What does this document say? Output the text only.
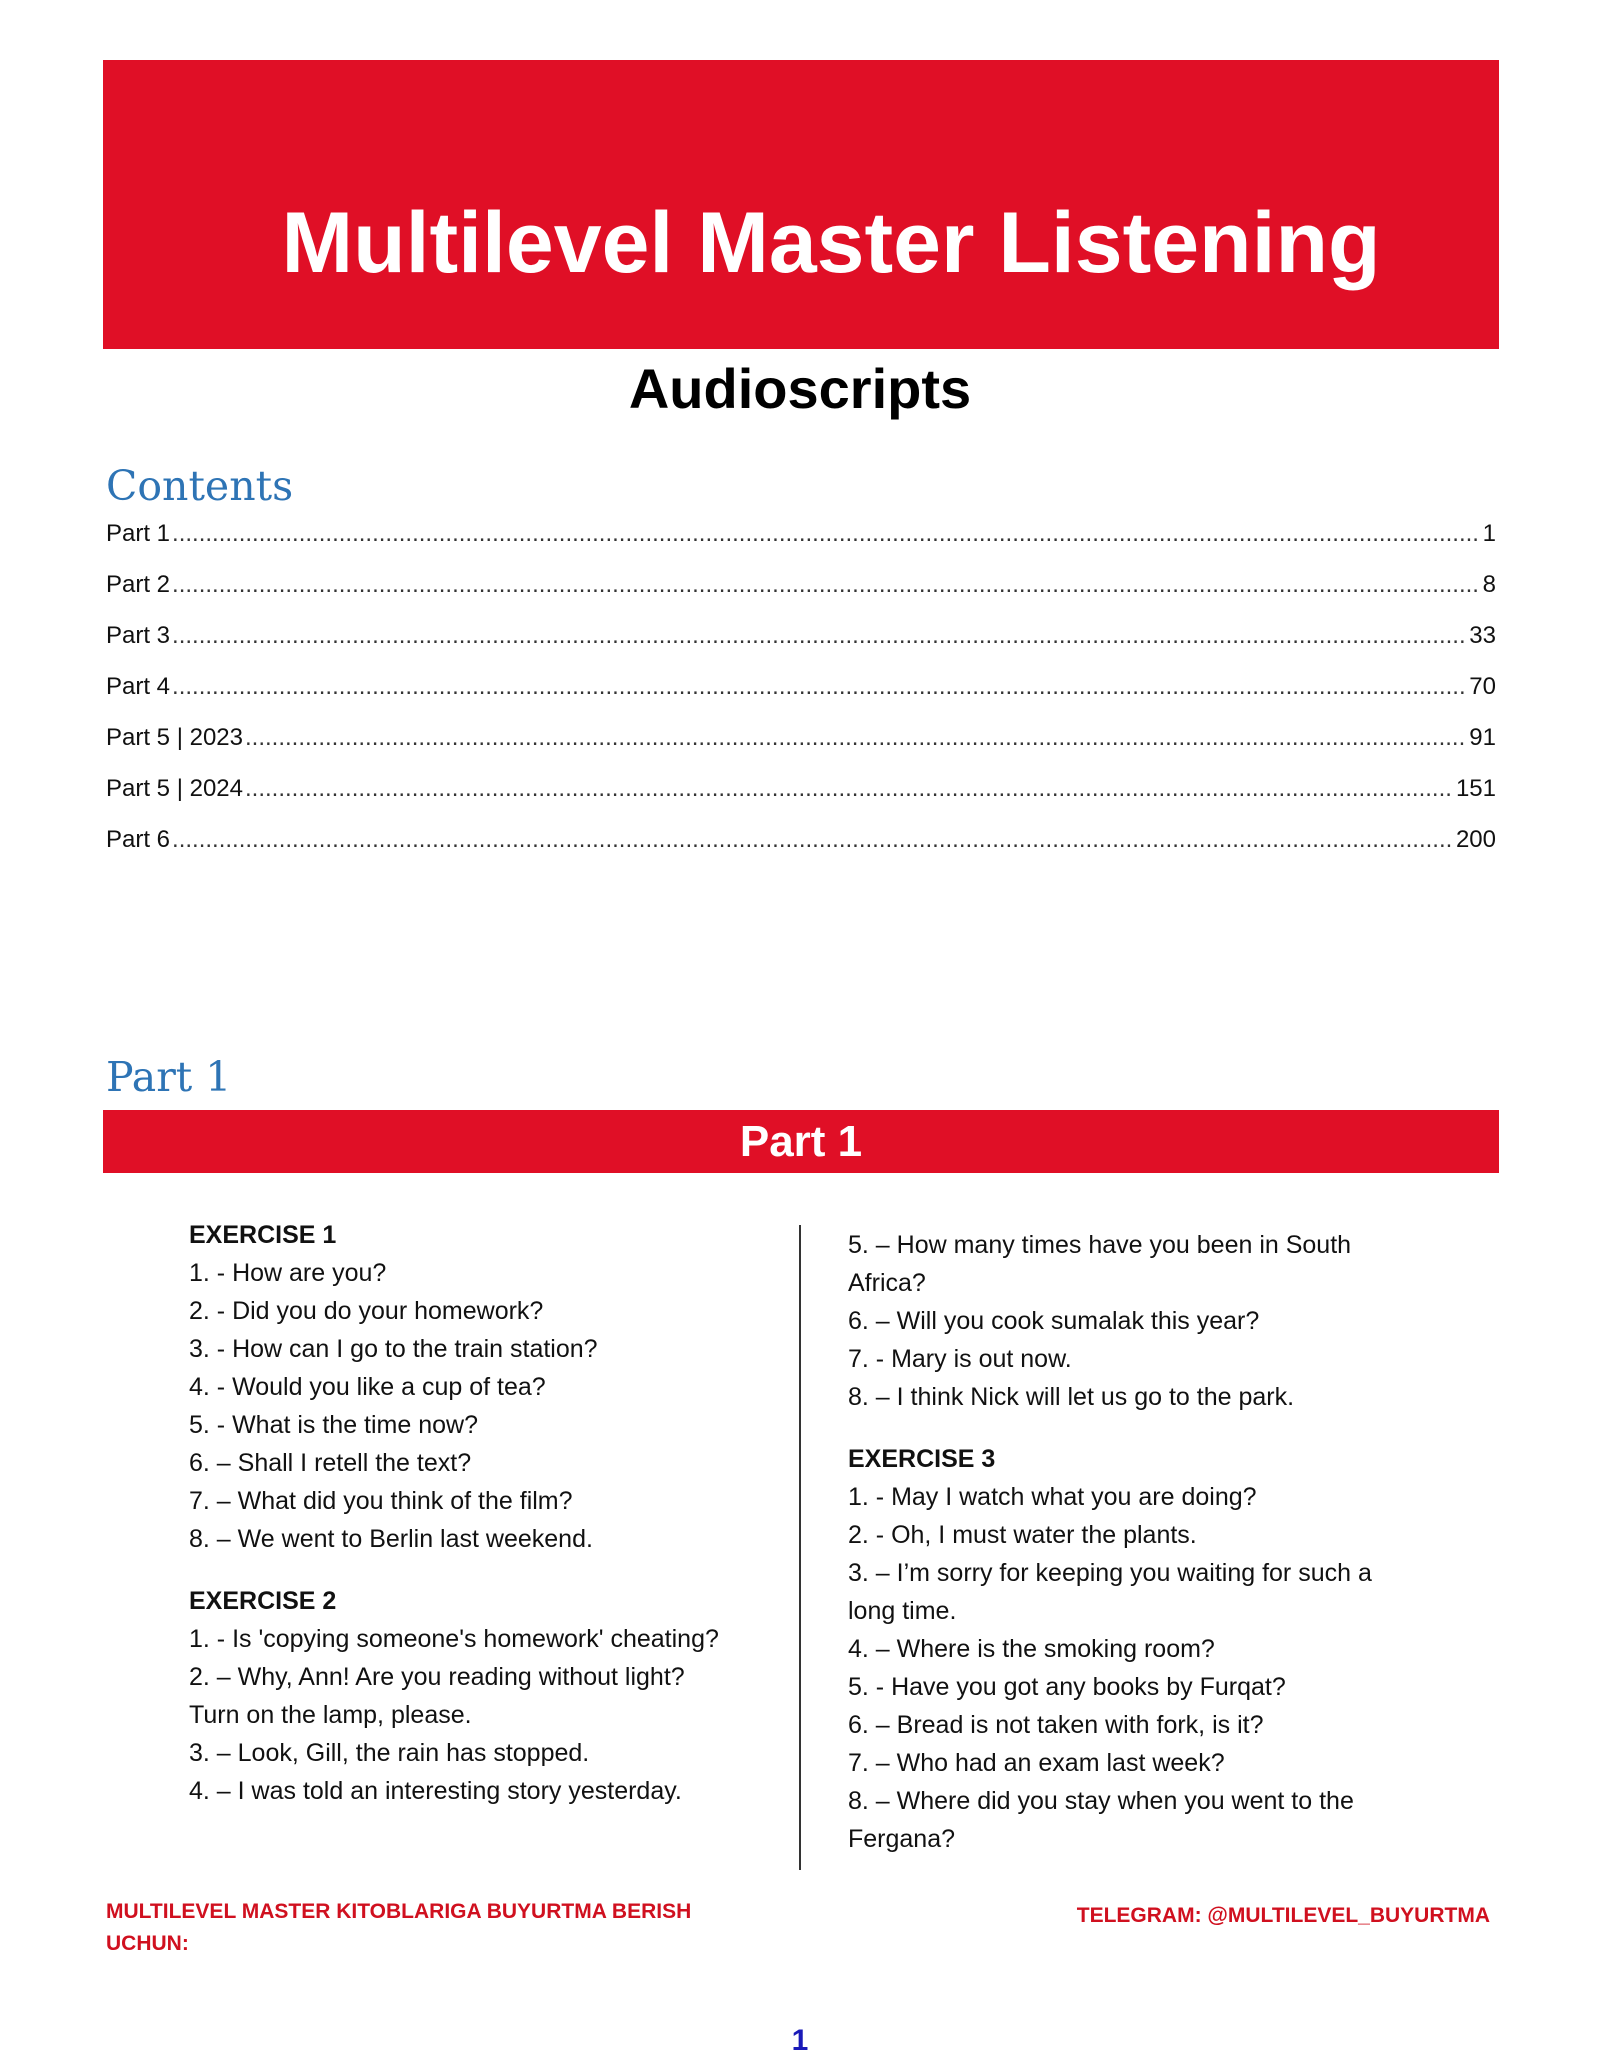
Multilevel Master Listening
Audioscripts
Contents
Part 1 .....	1
Part 2 .....	8
Part 3 .....	33
Part 4 .....	70
Part 5 | 2023 .....	91
Part 5 | 2024 .....	151
Part 6 .....	200
Part 1
Part 1
EXERCISE 1
1. - How are you?
2. - Did you do your homework?
3. - How can I go to the train station?
4. - Would you like a cup of tea?
5. - What is the time now?
6. – Shall I retell the text?
7. – What did you think of the film?
8. – We went to Berlin last weekend.
EXERCISE 2
1. - Is 'copying someone's homework' cheating?
2. – Why, Ann! Are you reading without light?
Turn on the lamp, please.
3. – Look, Gill, the rain has stopped.
4. – I was told an interesting story yesterday.
5. – How many times have you been in South
Africa?
6. – Will you cook sumalak this year?
7. - Mary is out now.
8. – I think Nick will let us go to the park.
EXERCISE 3
1. - May I watch what you are doing?
2. - Oh, I must water the plants.
3. – I’m sorry for keeping you waiting for such a
long time.
4. – Where is the smoking room?
5. - Have you got any books by Furqat?
6. – Bread is not taken with fork, is it?
7. – Who had an exam last week?
8. – Where did you stay when you went to the
Fergana?
MULTILEVEL MASTER KITOBLARIGA BUYURTMA BERISH UCHUN:
TELEGRAM: @MULTILEVEL_BUYURTMA
1
